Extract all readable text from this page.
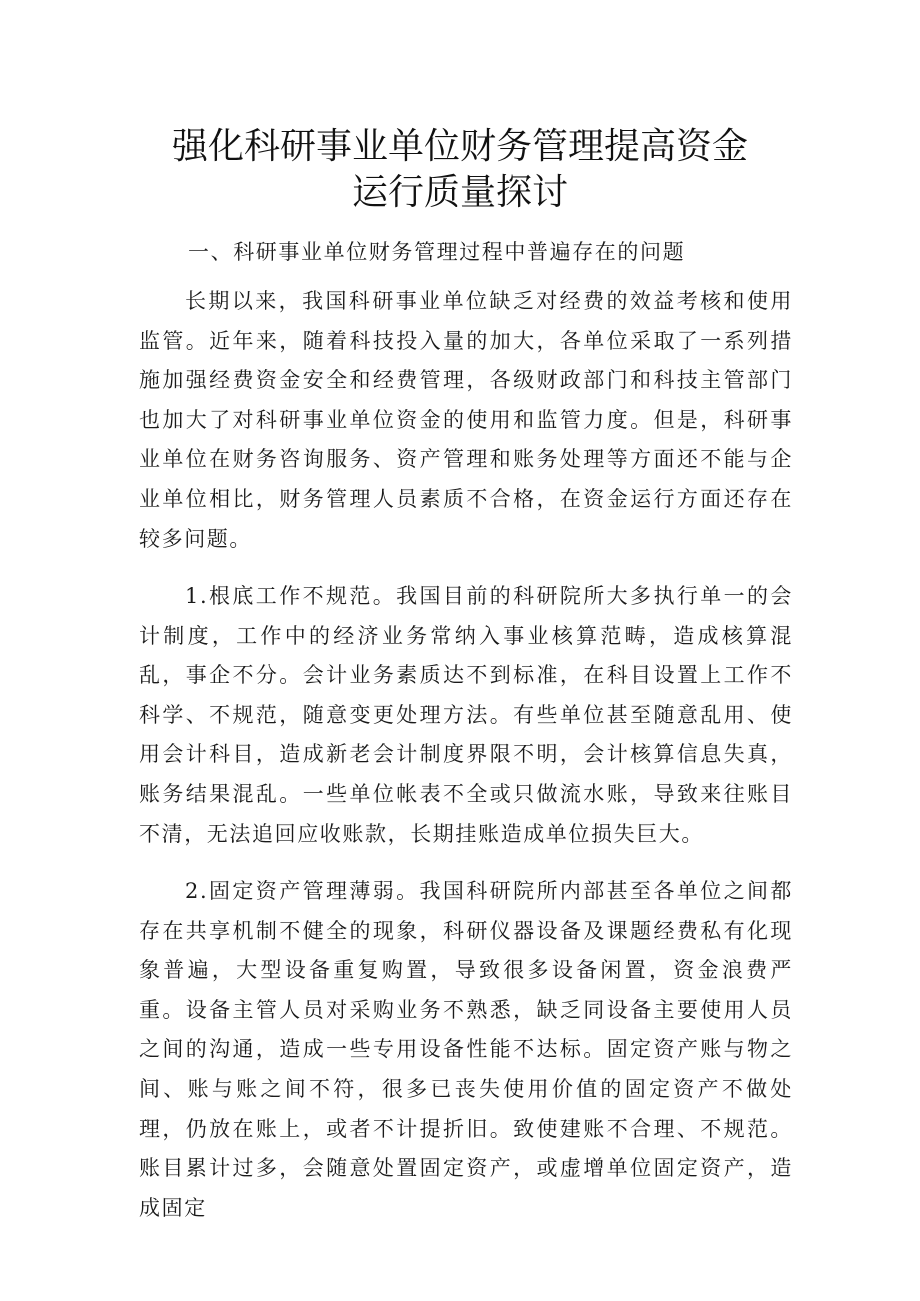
强化科研事业单位财务管理提高资金
运行质量探讨
一、科研事业单位财务管理过程中普遍存在的问题

长期以来，我国科研事业单位缺乏对经费的效益考核和使用监管。近年来，随着科技投入量的加大，各单位采取了一系列措施加强经费资金安全和经费管理，各级财政部门和科技主管部门也加大了对科研事业单位资金的使用和监管力度。但是，科研事业单位在财务咨询服务、资产管理和账务处理等方面还不能与企业单位相比，财务管理人员素质不合格，在资金运行方面还存在较多问题。

1.根底工作不规范。我国目前的科研院所大多执行单一的会计制度，工作中的经济业务常纳入事业核算范畴，造成核算混乱，事企不分。会计业务素质达不到标准，在科目设置上工作不科学、不规范，随意变更处理方法。有些单位甚至随意乱用、使用会计科目，造成新老会计制度界限不明，会计核算信息失真，账务结果混乱。一些单位帐表不全或只做流水账，导致来往账目不清，无法追回应收账款，长期挂账造成单位损失巨大。

2.固定资产管理薄弱。我国科研院所内部甚至各单位之间都存在共享机制不健全的现象，科研仪器设备及课题经费私有化现象普遍，大型设备重复购置，导致很多设备闲置，资金浪费严重。设备主管人员对采购业务不熟悉，缺乏同设备主要使用人员之间的沟通，造成一些专用设备性能不达标。固定资产账与物之间、账与账之间不符，很多已丧失使用价值的固定资产不做处理，仍放在账上，或者不计提折旧。致使建账不合理、不规范。账目累计过多，会随意处置固定资产，或虚增单位固定资产，造成固定
